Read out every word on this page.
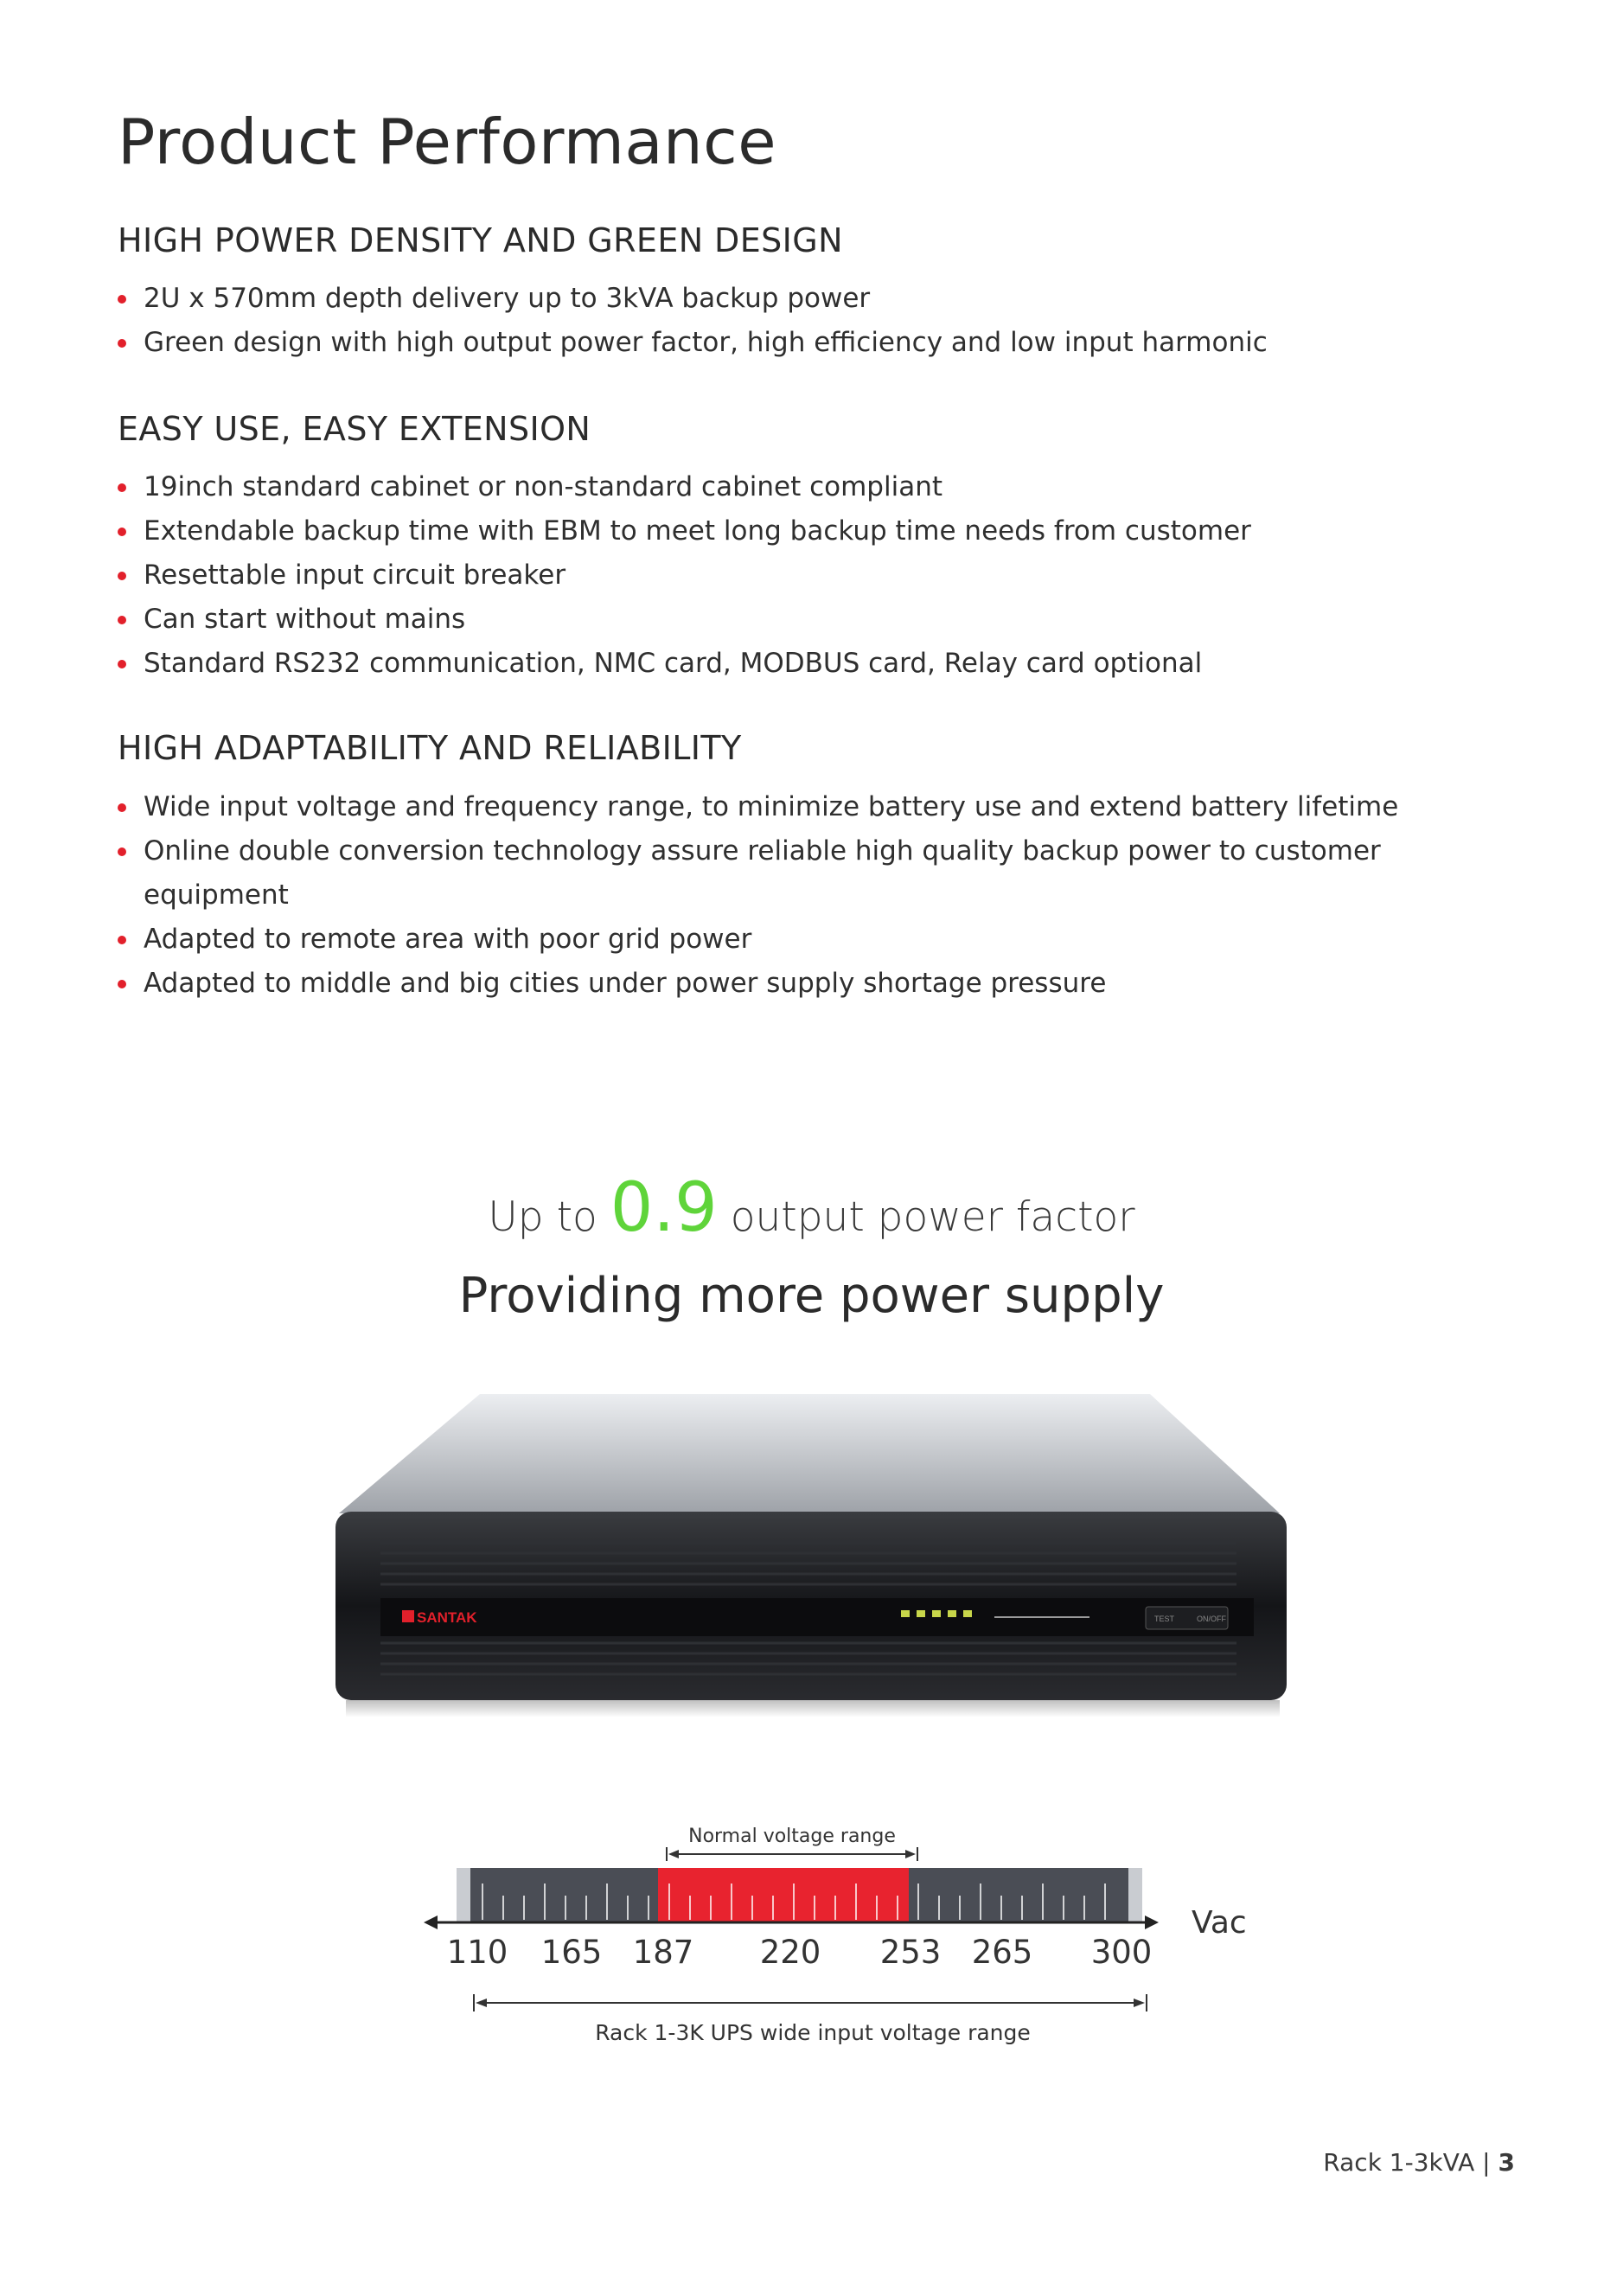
Product Performance
HIGH POWER DENSITY AND GREEN DESIGN
2U x 570mm depth delivery up to 3kVA backup power
Green design with high output power factor, high efficiency and low input harmonic
EASY USE, EASY EXTENSION
19inch standard cabinet or non-standard cabinet compliant
Extendable backup time with EBM to meet long backup time needs from customer
Resettable input circuit breaker
Can start without mains
Standard RS232 communication, NMC card, MODBUS card, Relay card optional
HIGH ADAPTABILITY AND RELIABILITY
Wide input voltage and frequency range, to minimize battery use and extend battery lifetime
Online double conversion technology assure reliable high quality backup power to customer equipment
Adapted to remote area with poor grid power
Adapted to middle and big cities under power supply shortage pressure
Up to 0.9 output power factor
Providing more power supply
SANTAK	TEST	ON/OFF
Normal voltage range
Vac
110 165 187 220 253 265 300
Rack 1-3K UPS wide input voltage range
Rack 1-3kVA | 3
